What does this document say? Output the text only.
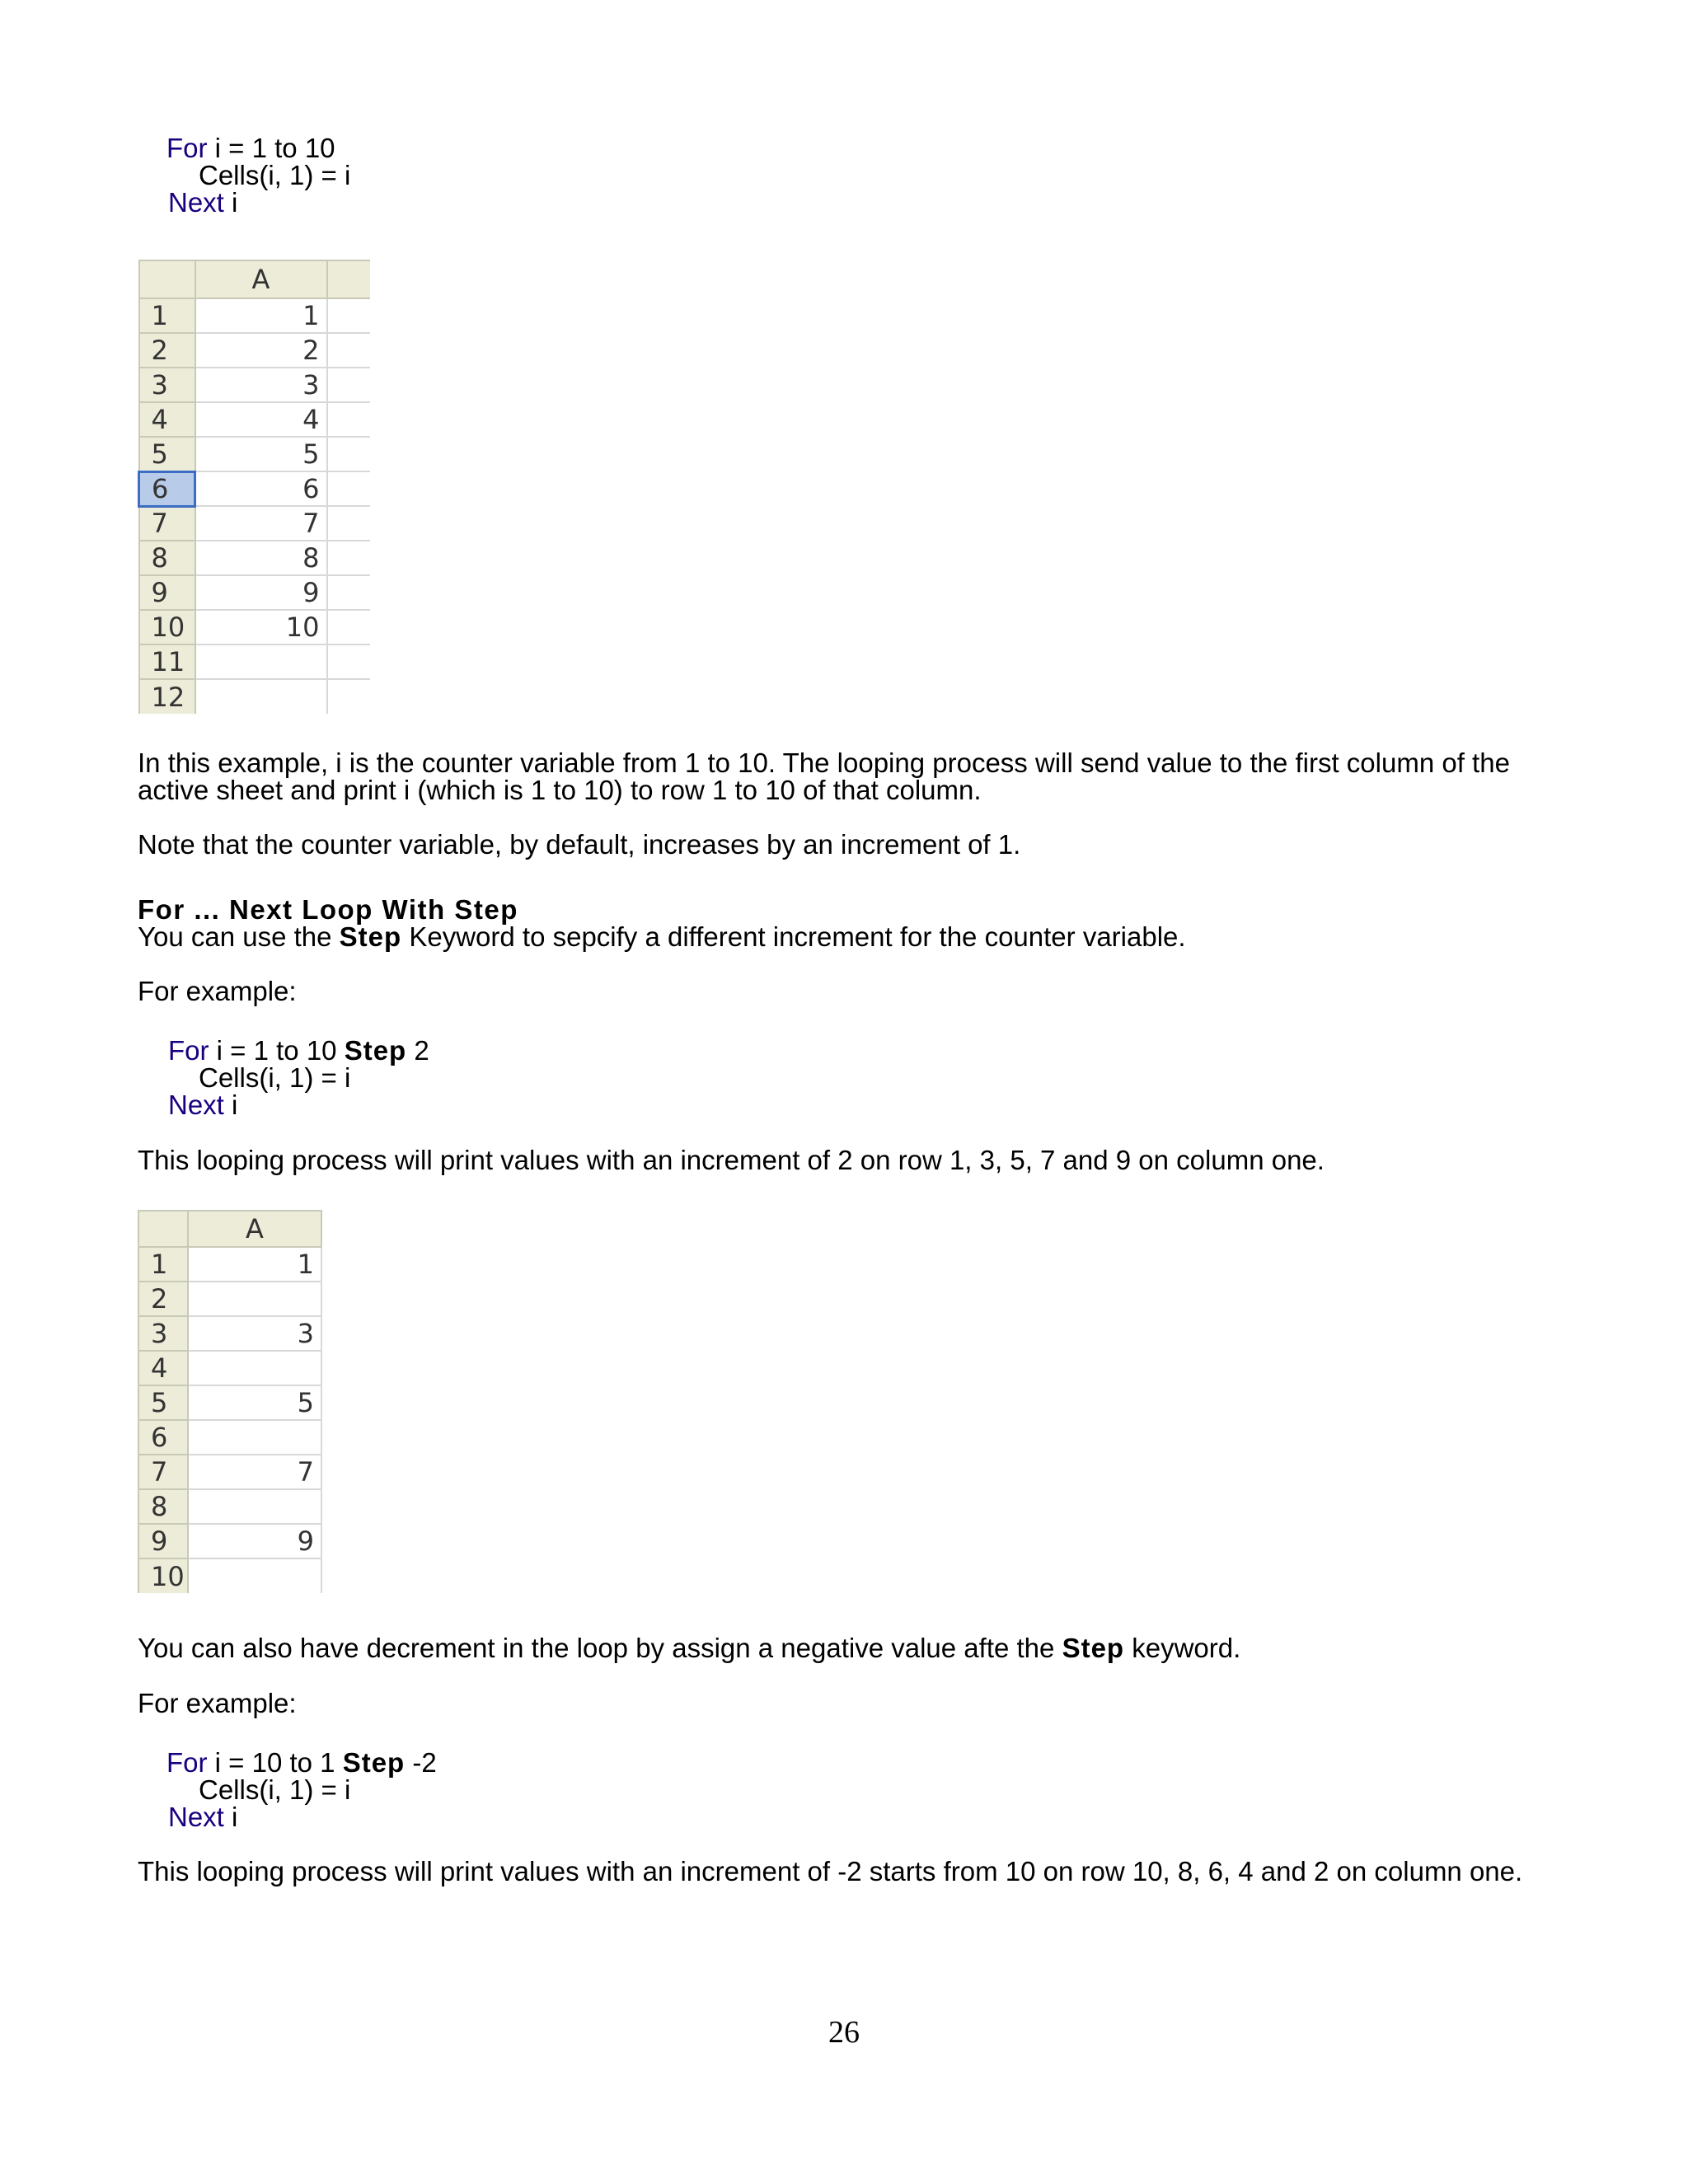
For i = 1 to 10
Cells(i, 1) = i
Next i
	A	
1	1	
2	2	
3	3	
4	4	
5	5	
6	6	
7	7	
8	8	
9	9	
10	10	
11		
12		
In this example, i is the counter variable from 1 to 10. The looping process will send value to the first column of the
active sheet and print i (which is 1 to 10) to row 1 to 10 of that column.
Note that the counter variable, by default, increases by an increment of 1.
For ... Next Loop With Step
You can use the Step Keyword to sepcify a different increment for the counter variable.
For example:
For i = 1 to 10 Step 2
Cells(i, 1) = i
Next i
This looping process will print values with an increment of 2 on row 1, 3, 5, 7 and 9 on column one.
	A
1	1
2	
3	3
4	
5	5
6	
7	7
8	
9	9
10	
You can also have decrement in the loop by assign a negative value afte the Step keyword.
For example:
For i = 10 to 1 Step -2
Cells(i, 1) = i
Next i
This looping process will print values with an increment of -2 starts from 10 on row 10, 8, 6, 4 and 2 on column one.
26
